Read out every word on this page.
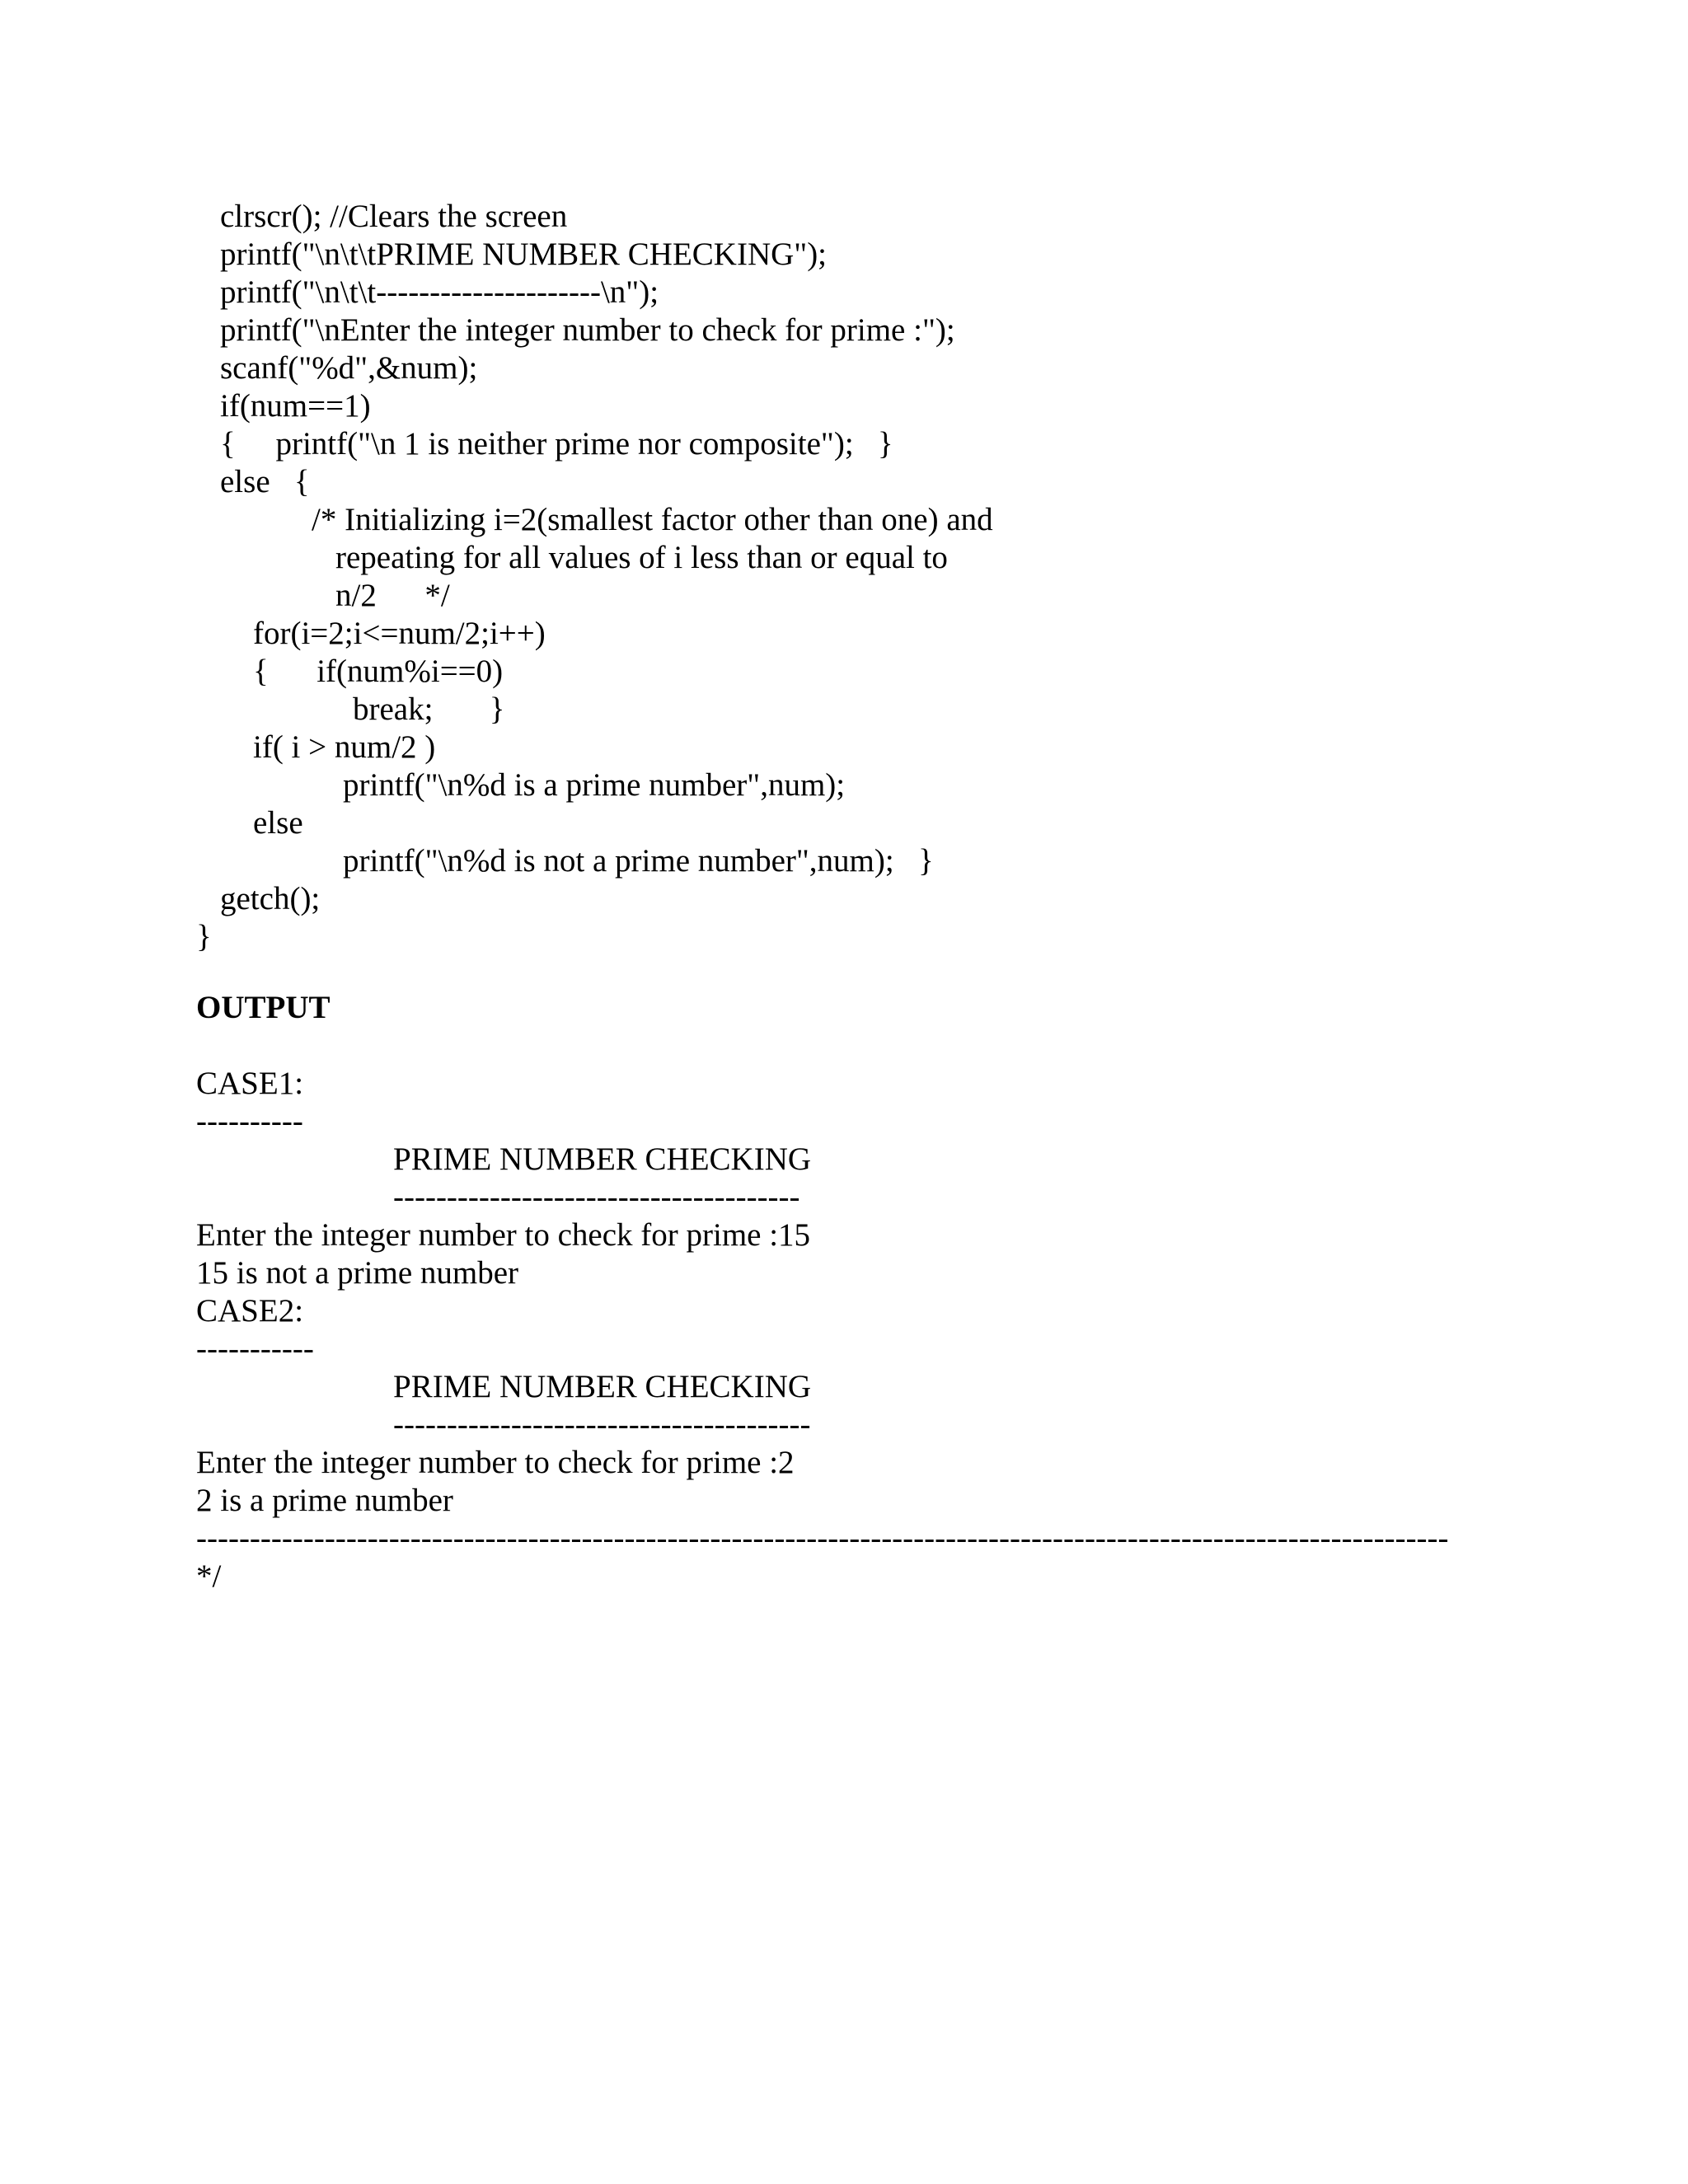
clrscr(); //Clears the screen

printf("\n\t\tPRIME NUMBER CHECKING");

printf("\n\t\t---------------------\n");

printf("\nEnter the integer number to check for prime :");

scanf("%d",&num);

if(num==1)

{     printf("\n 1 is neither prime nor composite");   }

else   {

/* Initializing i=2(smallest factor other than one) and

repeating for all values of i less than or equal to

n/2      */

for(i=2;i<=num/2;i++)

{      if(num%i==0)

break;       }

if( i > num/2 )

printf("\n%d is a prime number",num);

else

printf("\n%d is not a prime number",num);   }

getch();

}

OUTPUT

CASE1:

----------

PRIME NUMBER CHECKING

--------------------------------------

Enter the integer number to check for prime :15

15 is not a prime number

CASE2:

-----------

PRIME NUMBER CHECKING

---------------------------------------

Enter the integer number to check for prime :2

2 is a prime number

---------------------------------------------------------------------------------------------------------------------

*/
